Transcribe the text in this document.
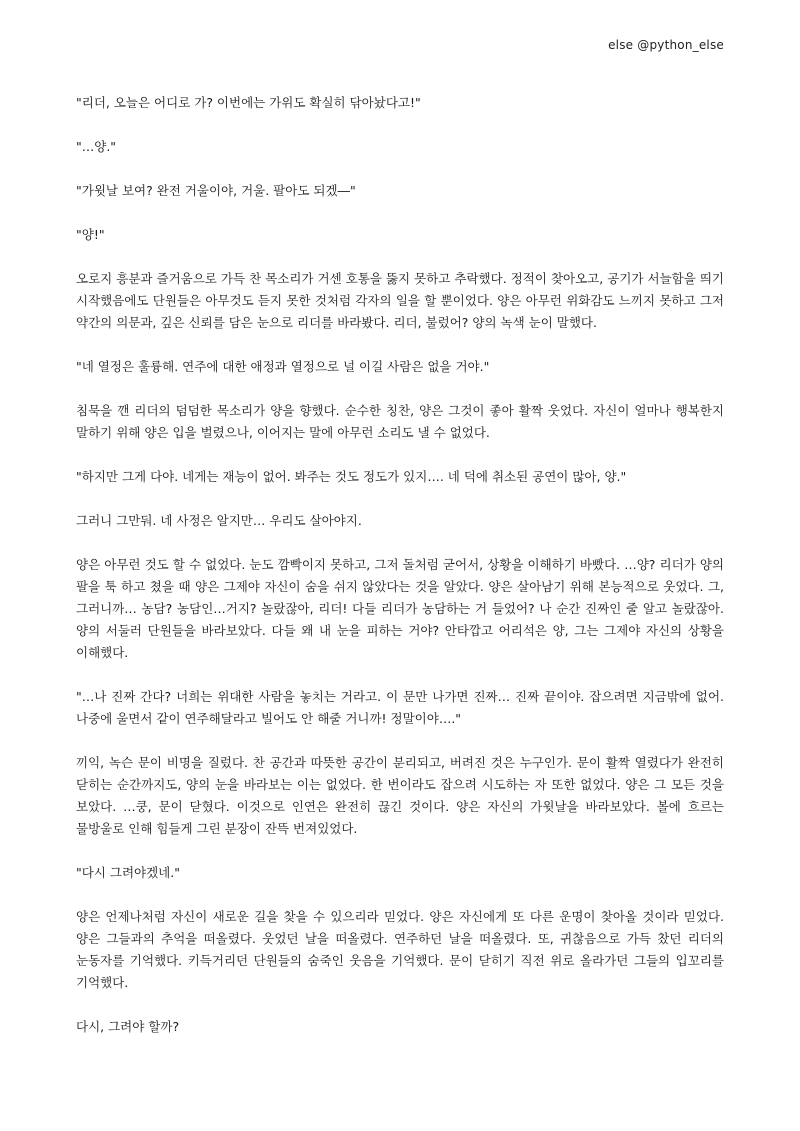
else @python_else

"리더, 오늘은 어디로 가? 이번에는 가위도 확실히 닦아놨다고!"

"…양."

"가윗날 보여? 완전 거울이야, 거울. 팔아도 되겠―"

"양!"

오로지 흥분과 즐거움으로 가득 찬 목소리가 거센 호통을 뚫지 못하고 추락했다. 정적이 찾아오고, 공기가 서늘함을 띄기 시작했음에도 단원들은 아무것도 듣지 못한 것처럼 각자의 일을 할 뿐이었다. 양은 아무런 위화감도 느끼지 못하고 그저 약간의 의문과, 깊은 신뢰를 담은 눈으로 리더를 바라봤다. 리더, 불렀어? 양의 녹색 눈이 말했다.

"네 열정은 훌륭해. 연주에 대한 애정과 열정으로 널 이길 사람은 없을 거야."

침묵을 깬 리더의 덤덤한 목소리가 양을 향했다. 순수한 칭찬, 양은 그것이 좋아 활짝 웃었다. 자신이 얼마나 행복한지 말하기 위해 양은 입을 벌렸으나, 이어지는 말에 아무런 소리도 낼 수 없었다.

"하지만 그게 다야. 네게는 재능이 없어. 봐주는 것도 정도가 있지…. 네 덕에 취소된 공연이 많아, 양."

그러니 그만둬. 네 사정은 알지만… 우리도 살아야지.

양은 아무런 것도 할 수 없었다. 눈도 깜빡이지 못하고, 그저 돌처럼 굳어서, 상황을 이해하기 바빴다. …양? 리더가 양의 팔을 툭 하고 쳤을 때 양은 그제야 자신이 숨을 쉬지 않았다는 것을 알았다. 양은 살아남기 위해 본능적으로 웃었다. 그, 그러니까… 농담? 농담인…거지? 놀랐잖아, 리더! 다들 리더가 농담하는 거 들었어? 나 순간 진짜인 줄 알고 놀랐잖아. 양의 서둘러 단원들을 바라보았다. 다들 왜 내 눈을 피하는 거야? 안타깝고 어리석은 양, 그는 그제야 자신의 상황을 이해했다.

"…나 진짜 간다? 너희는 위대한 사람을 놓치는 거라고. 이 문만 나가면 진짜… 진짜 끝이야. 잡으려면 지금밖에 없어. 나중에 울면서 같이 연주해달라고 빌어도 안 해줄 거니까! 정말이야…."

끼익, 녹슨 문이 비명을 질렀다. 찬 공간과 따뜻한 공간이 분리되고, 버려진 것은 누구인가. 문이 활짝 열렸다가 완전히 닫히는 순간까지도, 양의 눈을 바라보는 이는 없었다. 한 번이라도 잡으려 시도하는 자 또한 없었다. 양은 그 모든 것을 보았다. …쿵, 문이 닫혔다. 이것으로 인연은 완전히 끊긴 것이다. 양은 자신의 가윗날을 바라보았다. 볼에 흐르는 물방울로 인해 힘들게 그린 분장이 잔뜩 번져있었다.

"다시 그려야겠네."

양은 언제나처럼 자신이 새로운 길을 찾을 수 있으리라 믿었다. 양은 자신에게 또 다른 운명이 찾아올 것이라 믿었다. 양은 그들과의 추억을 떠올렸다. 웃었던 날을 떠올렸다. 연주하던 날을 떠올렸다. 또, 귀찮음으로 가득 찼던 리더의 눈동자를 기억했다. 키득거리던 단원들의 숨죽인 웃음을 기억했다. 문이 닫히기 직전 위로 올라가던 그들의 입꼬리를 기억했다.

다시, 그려야 할까?
